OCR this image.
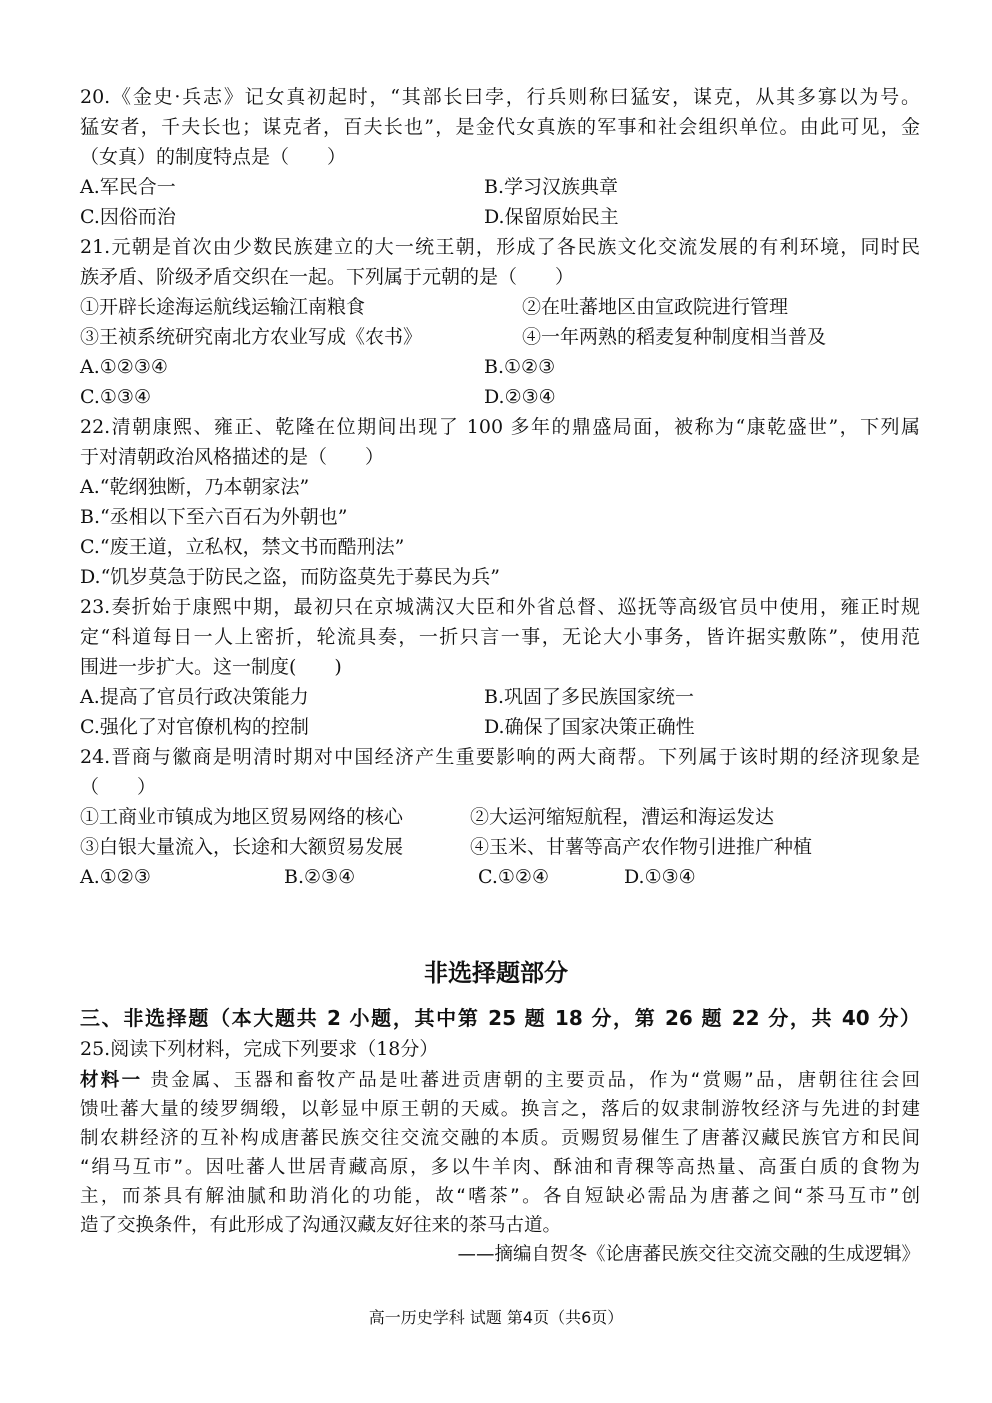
20.《金史·兵志》记女真初起时，“其部长曰孛，行兵则称曰猛安，谋克，从其多寡以为号。
猛安者，千夫长也；谋克者，百夫长也”，是金代女真族的军事和社会组织单位。由此可见，金
（女真）的制度特点是（　　）
A.军民合一	B.学习汉族典章
C.因俗而治	D.保留原始民主
21.元朝是首次由少数民族建立的大一统王朝，形成了各民族文化交流发展的有利环境，同时民
族矛盾、阶级矛盾交织在一起。下列属于元朝的是（　　）
①开辟长途海运航线运输江南粮食	②在吐蕃地区由宣政院进行管理
③王祯系统研究南北方农业写成《农书》	④一年两熟的稻麦复种制度相当普及
A.①②③④	B.①②③
C.①③④	D.②③④
22.清朝康熙、雍正、乾隆在位期间出现了 100 多年的鼎盛局面，被称为“康乾盛世”，下列属
于对清朝政治风格描述的是（　　）
A.“乾纲独断，乃本朝家法”
B.“丞相以下至六百石为外朝也”
C.“废王道，立私权，禁文书而酷刑法”
D.“饥岁莫急于防民之盗，而防盗莫先于募民为兵”
23.奏折始于康熙中期，最初只在京城满汉大臣和外省总督、巡抚等高级官员中使用，雍正时规
定“科道每日一人上密折，轮流具奏，一折只言一事，无论大小事务，皆许据实敷陈”，使用范
围进一步扩大。这一制度(　　)
A.提高了官员行政决策能力	B.巩固了多民族国家统一
C.强化了对官僚机构的控制	D.确保了国家决策正确性
24.晋商与徽商是明清时期对中国经济产生重要影响的两大商帮。下列属于该时期的经济现象是
（　　）
①工商业市镇成为地区贸易网络的核心	②大运河缩短航程，漕运和海运发达
③白银大量流入，长途和大额贸易发展	④玉米、甘薯等高产农作物引进推广种植
A.①②③	B.②③④	C.①②④	D.①③④
非选择题部分
三、非选择题（本大题共 2 小题，其中第 25 题 18 分，第 26 题 22 分，共 40 分）
25.阅读下列材料，完成下列要求（18分）
材料一 贵金属、玉器和畜牧产品是吐蕃进贡唐朝的主要贡品，作为“赏赐”品，唐朝往往会回
馈吐蕃大量的绫罗绸缎，以彰显中原王朝的天威。换言之，落后的奴隶制游牧经济与先进的封建
制农耕经济的互补构成唐蕃民族交往交流交融的本质。贡赐贸易催生了唐蕃汉藏民族官方和民间
“绢马互市”。因吐蕃人世居青藏高原，多以牛羊肉、酥油和青稞等高热量、高蛋白质的食物为
主，而茶具有解油腻和助消化的功能，故“嗜茶”。各自短缺必需品为唐蕃之间“茶马互市”创
造了交换条件，有此形成了沟通汉藏友好往来的茶马古道。
——摘编自贺冬《论唐蕃民族交往交流交融的生成逻辑》
高一历史学科 试题 第4页（共6页）
